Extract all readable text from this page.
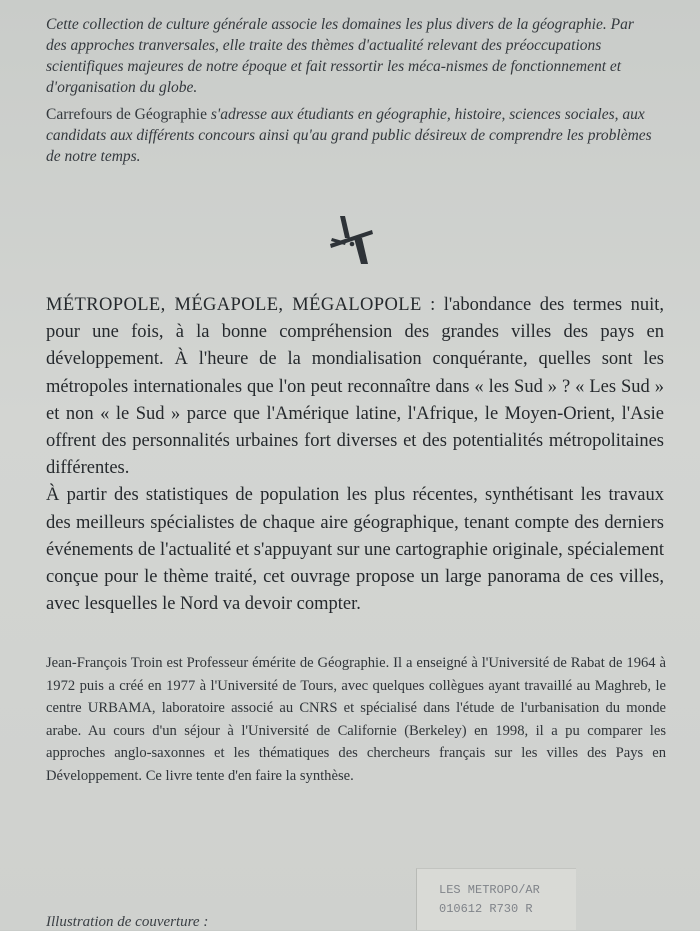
Cette collection de culture générale associe les domaines les plus divers de la géographie. Par des approches tranversales, elle traite des thèmes d'actualité relevant des préoccupations scientifiques majeures de notre époque et fait ressortir les méca-nismes de fonctionnement et d'organisation du globe.

Carrefours de Géographie s'adresse aux étudiants en géographie, histoire, sciences sociales, aux candidats aux différents concours ainsi qu'au grand public désireux de comprendre les problèmes de notre temps.

MÉTROPOLE, MÉGAPOLE, MÉGALOPOLE : l'abondance des termes nuit, pour une fois, à la bonne compréhension des grandes villes des pays en développement. À l'heure de la mondialisation conquérante, quelles sont les métropoles internationales que l'on peut reconnaître dans « les Sud » ? « Les Sud » et non « le Sud » parce que l'Amérique latine, l'Afrique, le Moyen-Orient, l'Asie offrent des personnalités urbaines fort diverses et des potentialités métropolitaines différentes.

À partir des statistiques de population les plus récentes, synthétisant les travaux des meilleurs spécialistes de chaque aire géographique, tenant compte des derniers événements de l'actualité et s'appuyant sur une cartographie originale, spécialement conçue pour le thème traité, cet ouvrage propose un large panorama de ces villes, avec lesquelles le Nord va devoir compter.

Jean-François Troin est Professeur émérite de Géographie. Il a enseigné à l'Université de Rabat de 1964 à 1972 puis a créé en 1977 à l'Université de Tours, avec quelques collègues ayant travaillé au Maghreb, le centre URBAMA, laboratoire associé au CNRS et spécialisé dans l'étude de l'urbanisation du monde arabe. Au cours d'un séjour à l'Université de Californie (Berkeley) en 1998, il a pu comparer les approches anglo-saxonnes et les thématiques des chercheurs français sur les villes des Pays en Développement. Ce livre tente d'en faire la synthèse.

LES METROPO/AR
010612 R730 R
Illustration de couverture :
